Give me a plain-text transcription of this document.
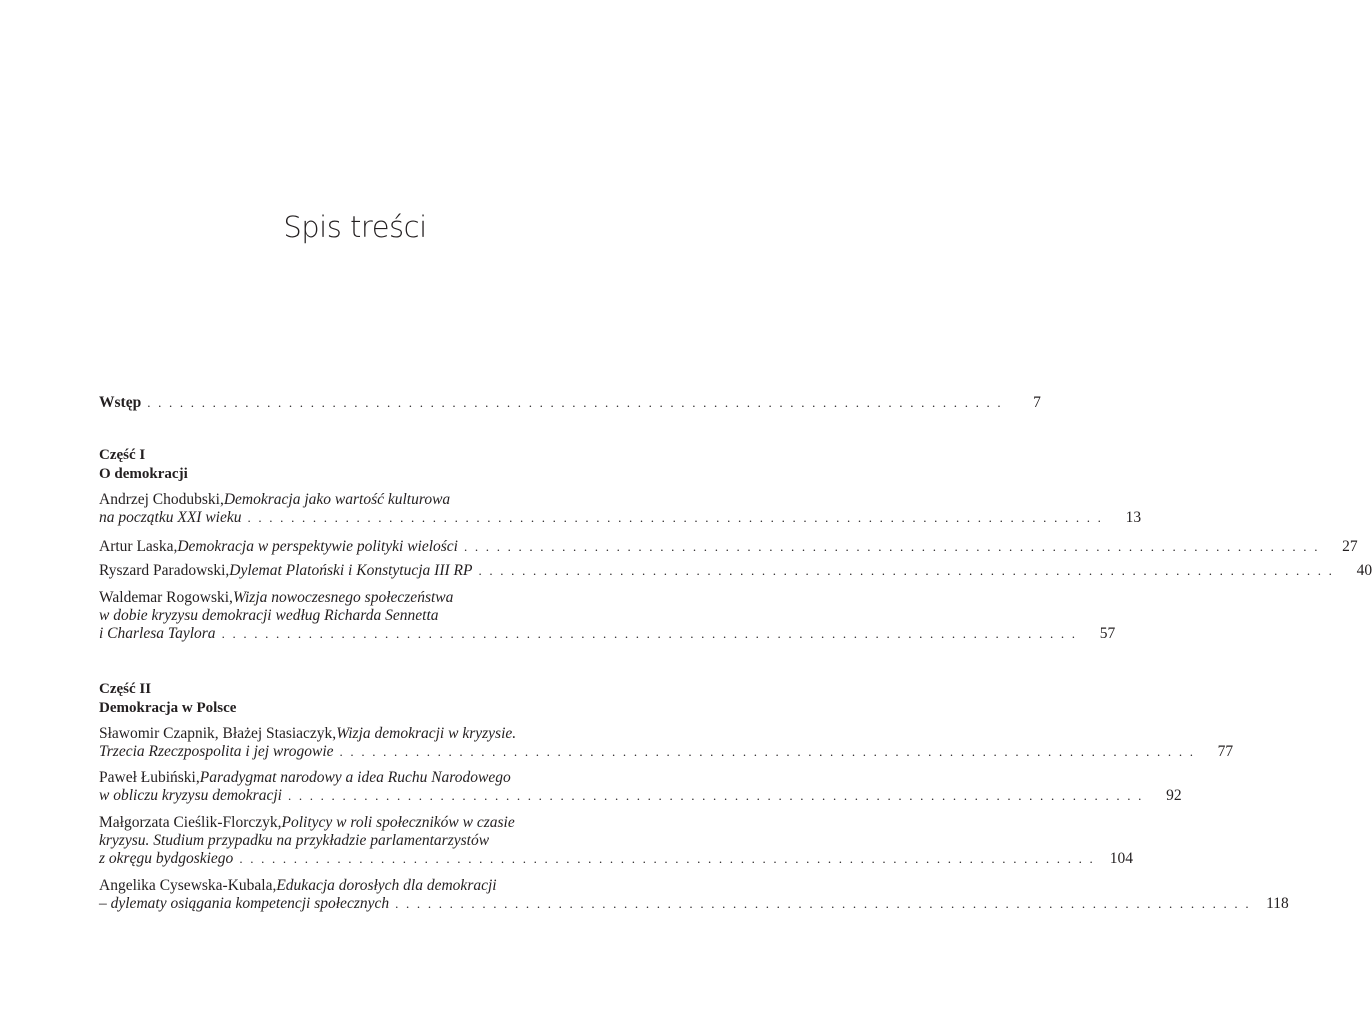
Spis treści
Wstęp . . . . . . . . . . . . . . . . . . . . . . . . . . . . . . . . . . . . . . . . . . . . . . . . . . . . . . . . . . . . . . . . . . . . . . . . . . . . . . .	7
Część I
O demokracji
Andrzej Chodubski, Demokracja jako wartość kulturowa
na początku XXI wieku . . . . . . . . . . . . . . . . . . . . . . . . . . . . . . . . . . . . . . . . . . . . . . . . . . . . . . . . . . . . . . . . . . . . . . . . . . . . . . .	13
Artur Laska, Demokracja w perspektywie polityki wielości . . . . . . . . . . . . . . . . . . . . . . . . . . . . . . . . . . . . . . . . . . . . . . . . . . . . . . . . . . . . . . . . . . . . . . . . . . . . . . .	27
Ryszard Paradowski, Dylemat Platoński i Konstytucja III RP . . . . . . . . . . . . . . . . . . . . . . . . . . . . . . . . . . . . . . . . . . . . . . . . . . . . . . . . . . . . . . . . . . . . . . . . . . . . . . .	40
Waldemar Rogowski, Wizja nowoczesnego społeczeństwa
w dobie kryzysu demokracji według Richarda Sennetta
i Charlesa Taylora . . . . . . . . . . . . . . . . . . . . . . . . . . . . . . . . . . . . . . . . . . . . . . . . . . . . . . . . . . . . . . . . . . . . . . . . . . . . . . .	57
Część II
Demokracja w Polsce
Sławomir Czapnik, Błażej Stasiaczyk, Wizja demokracji w kryzysie.
Trzecia Rzeczpospolita i jej wrogowie . . . . . . . . . . . . . . . . . . . . . . . . . . . . . . . . . . . . . . . . . . . . . . . . . . . . . . . . . . . . . . . . . . . . . . . . . . . . . . .	77
Paweł Łubiński, Paradygmat narodowy a idea Ruchu Narodowego
w obliczu kryzysu demokracji . . . . . . . . . . . . . . . . . . . . . . . . . . . . . . . . . . . . . . . . . . . . . . . . . . . . . . . . . . . . . . . . . . . . . . . . . . . . . . .	92
Małgorzata Cieślik-Florczyk, Politycy w roli społeczników w czasie
kryzysu. Studium przypadku na przykładzie parlamentarzystów
z okręgu bydgoskiego . . . . . . . . . . . . . . . . . . . . . . . . . . . . . . . . . . . . . . . . . . . . . . . . . . . . . . . . . . . . . . . . . . . . . . . . . . . . . . . 104
Angelika Cysewska-Kubala, Edukacja dorosłych dla demokracji
– dylematy osiągania kompetencji społecznych . . . . . . . . . . . . . . . . . . . . . . . . . . . . . . . . . . . . . . . . . . . . . . . . . . . . . . . . . . . . . . . . . . . . . . . . . . . . . . . 118
